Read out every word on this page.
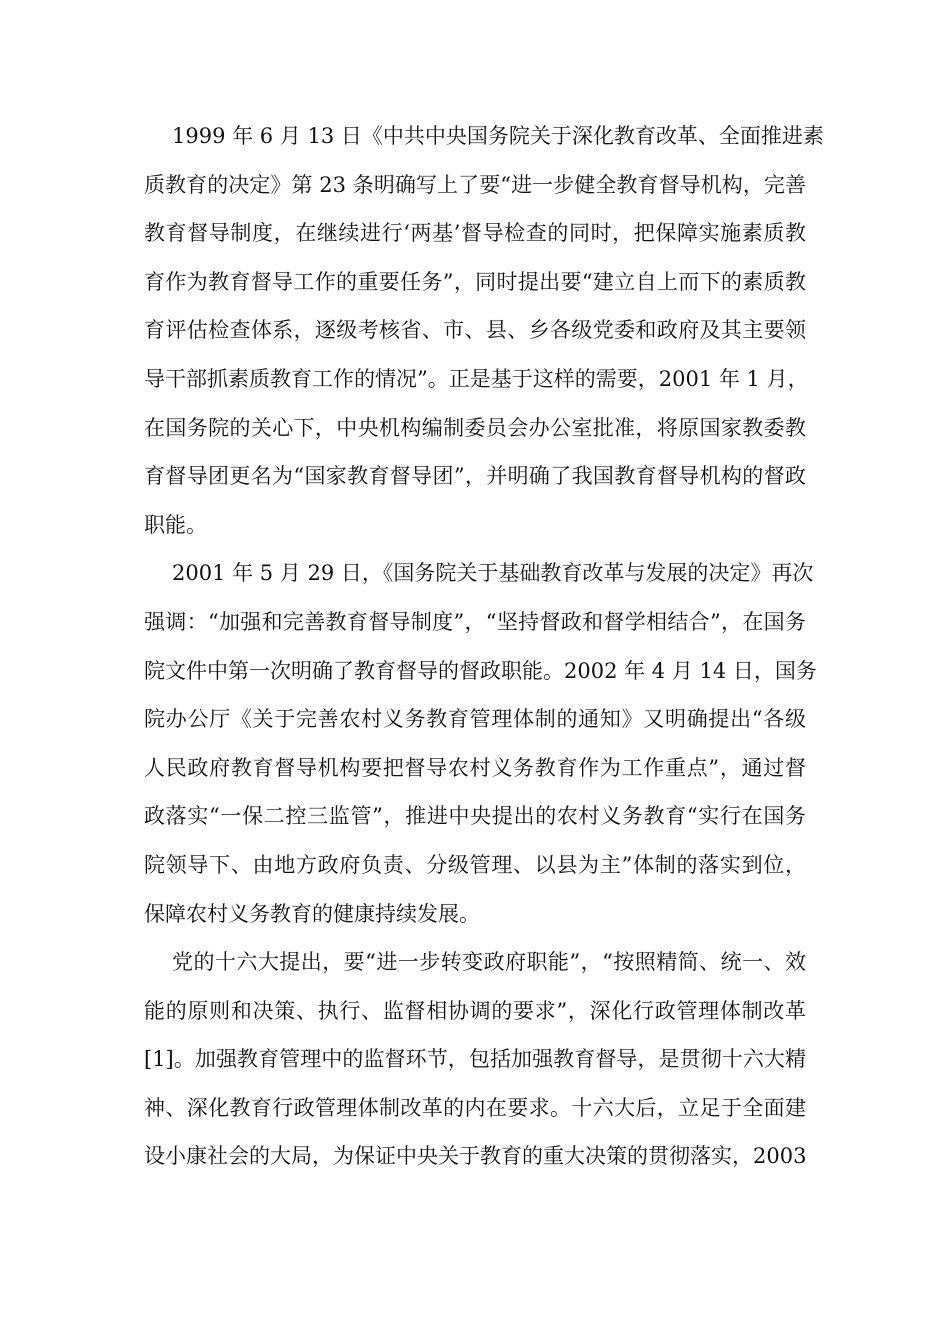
1999 年 6 月 13 日《中共中央国务院关于深化教育改革、全面推进素
质教育的决定》第 23 条明确写上了要“进一步健全教育督导机构，完善
教育督导制度，在继续进行‘两基’督导检查的同时，把保障实施素质教
育作为教育督导工作的重要任务”，同时提出要“建立自上而下的素质教
育评估检查体系，逐级考核省、市、县、乡各级党委和政府及其主要领
导干部抓素质教育工作的情况”。正是基于这样的需要，2001 年 1 月，
在国务院的关心下，中央机构编制委员会办公室批准，将原国家教委教
育督导团更名为“国家教育督导团”，并明确了我国教育督导机构的督政
职能。
2001 年 5 月 29 日，《国务院关于基础教育改革与发展的决定》再次
强调：“加强和完善教育督导制度”，“坚持督政和督学相结合”，在国务
院文件中第一次明确了教育督导的督政职能。2002 年 4 月 14 日，国务
院办公厅《关于完善农村义务教育管理体制的通知》又明确提出“各级
人民政府教育督导机构要把督导农村义务教育作为工作重点”，通过督
政落实“一保二控三监管”，推进中央提出的农村义务教育“实行在国务
院领导下、由地方政府负责、分级管理、以县为主”体制的落实到位，
保障农村义务教育的健康持续发展。
党的十六大提出，要“进一步转变政府职能”，“按照精简、统一、效
能的原则和决策、执行、监督相协调的要求”，深化行政管理体制改革
[1]。加强教育管理中的监督环节，包括加强教育督导，是贯彻十六大精
神、深化教育行政管理体制改革的内在要求。十六大后，立足于全面建
设小康社会的大局，为保证中央关于教育的重大决策的贯彻落实，2003
